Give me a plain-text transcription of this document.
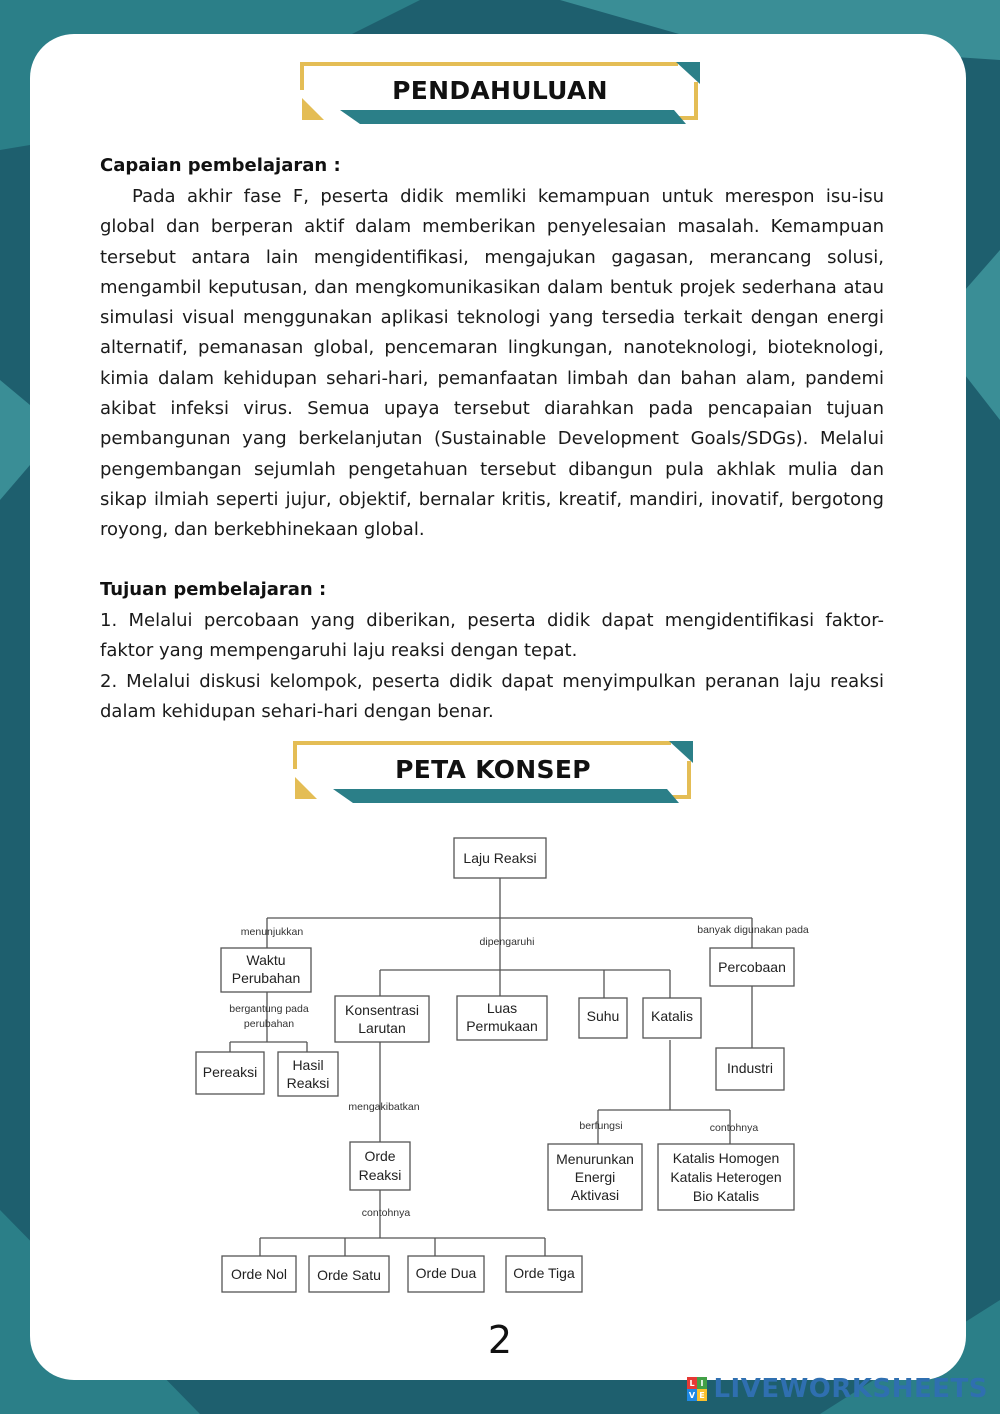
PENDAHULUAN
Capaian pembelajaran :

Pada akhir fase F, peserta didik memliki kemampuan untuk merespon isu-isu global dan berperan aktif dalam memberikan penyelesaian masalah. Kemampuan tersebut antara lain mengidentifikasi, mengajukan gagasan, merancang solusi, mengambil keputusan, dan mengkomunikasikan dalam bentuk projek sederhana atau simulasi visual menggunakan aplikasi teknologi yang tersedia terkait dengan energi alternatif, pemanasan global, pencemaran lingkungan, nanoteknologi, bioteknologi, kimia dalam kehidupan sehari-hari, pemanfaatan limbah dan bahan alam, pandemi akibat infeksi virus. Semua upaya tersebut diarahkan pada pencapaian tujuan pembangunan yang berkelanjutan (Sustainable Development Goals/SDGs). Melalui pengembangan sejumlah pengetahuan tersebut dibangun pula akhlak mulia dan sikap ilmiah seperti jujur, objektif, bernalar kritis, kreatif, mandiri, inovatif, bergotong royong, dan berkebhinekaan global.

Tujuan pembelajaran :

1. Melalui percobaan yang diberikan, peserta didik dapat mengidentifikasi faktor-faktor yang mempengaruhi laju reaksi dengan tepat.

2. Melalui diskusi kelompok, peserta didik dapat menyimpulkan peranan laju reaksi dalam kehidupan sehari-hari dengan benar.

PETA KONSEP
Laju Reaksi
Waktu
Perubahan
Percobaan
Konsentrasi
Larutan
Luas
Permukaan
Suhu Katalis
Pereaksi	Hasil
Reaksi
Industri
Orde
Reaksi
Menurunkan
Energi
Aktivasi
Katalis Homogen
Katalis Heterogen
Bio Katalis
Orde Nol Orde Satu Orde Dua	Orde Tiga
menunjukkan
dipengaruhi
banyak digunakan pada
bergantung pada
perubahan
mengakibatkan
contohnya
berfungsi	contohnya
2
L I
V E LIVEWORKSHEETS
